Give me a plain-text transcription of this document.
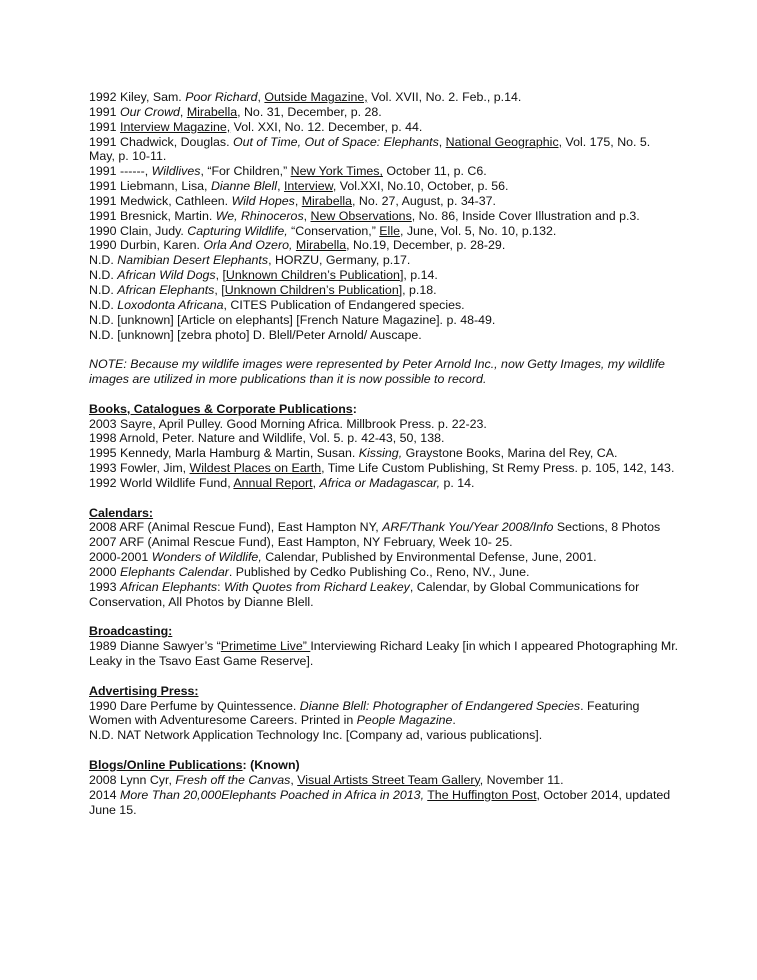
1992 Kiley, Sam. Poor Richard, Outside Magazine, Vol. XVII, No. 2. Feb., p.14.
1991 Our Crowd, Mirabella, No. 31, December, p. 28.
1991 Interview Magazine, Vol. XXI, No. 12. December, p. 44.
1991 Chadwick, Douglas. Out of Time, Out of Space: Elephants, National Geographic, Vol. 175, No. 5. May, p. 10-11.
1991 ------, Wildlives, “For Children,” New York Times, October 11, p. C6.
1991 Liebmann, Lisa, Dianne Blell, Interview, Vol.XXI, No.10, October, p. 56.
1991 Medwick, Cathleen. Wild Hopes, Mirabella, No. 27, August, p. 34-37.
1991 Bresnick, Martin. We, Rhinoceros, New Observations, No. 86, Inside Cover Illustration and p.3.
1990 Clain, Judy. Capturing Wildlife, “Conservation,” Elle, June, Vol. 5, No. 10, p.132.
1990 Durbin, Karen. Orla And Ozero, Mirabella, No.19, December, p. 28-29.
N.D. Namibian Desert Elephants, HORZU, Germany, p.17.
N.D. African Wild Dogs, [Unknown Children’s Publication], p.14.
N.D. African Elephants, [Unknown Children’s Publication], p.18.
N.D. Loxodonta Africana, CITES Publication of Endangered species.
N.D. [unknown] [Article on elephants] [French Nature Magazine]. p. 48-49.
N.D. [unknown] [zebra photo] D. Blell/Peter Arnold/ Auscape.
NOTE: Because my wildlife images were represented by Peter Arnold Inc., now Getty Images, my wildlife images are utilized in more publications than it is now possible to record.
Books, Catalogues & Corporate Publications:
2003 Sayre, April Pulley. Good Morning Africa. Millbrook Press. p. 22-23.
1998 Arnold, Peter. Nature and Wildlife, Vol. 5. p. 42-43, 50, 138.
1995 Kennedy, Marla Hamburg & Martin, Susan. Kissing, Graystone Books, Marina del Rey, CA.
1993 Fowler, Jim, Wildest Places on Earth, Time Life Custom Publishing, St Remy Press. p. 105, 142, 143.
1992 World Wildlife Fund, Annual Report, Africa or Madagascar, p. 14.
Calendars:
2008 ARF (Animal Rescue Fund), East Hampton NY, ARF/Thank You/Year 2008/Info Sections, 8 Photos
2007 ARF (Animal Rescue Fund), East Hampton, NY February, Week 10- 25.
2000-2001 Wonders of Wildlife, Calendar, Published by Environmental Defense, June, 2001.
2000 Elephants Calendar. Published by Cedko Publishing Co., Reno, NV., June.
1993 African Elephants: With Quotes from Richard Leakey, Calendar, by Global Communications for Conservation, All Photos by Dianne Blell.
Broadcasting:
1989 Dianne Sawyer’s “Primetime Live” Interviewing Richard Leaky [in which I appeared Photographing Mr. Leaky in the Tsavo East Game Reserve].
Advertising Press:
1990 Dare Perfume by Quintessence. Dianne Blell: Photographer of Endangered Species. Featuring Women with Adventuresome Careers. Printed in People Magazine.
N.D. NAT Network Application Technology Inc. [Company ad, various publications].
Blogs/Online Publications: (Known)
2008 Lynn Cyr, Fresh off the Canvas, Visual Artists Street Team Gallery, November 11.
2014 More Than 20,000Elephants Poached in Africa in 2013, The Huffington Post, October 2014, updated June 15.
